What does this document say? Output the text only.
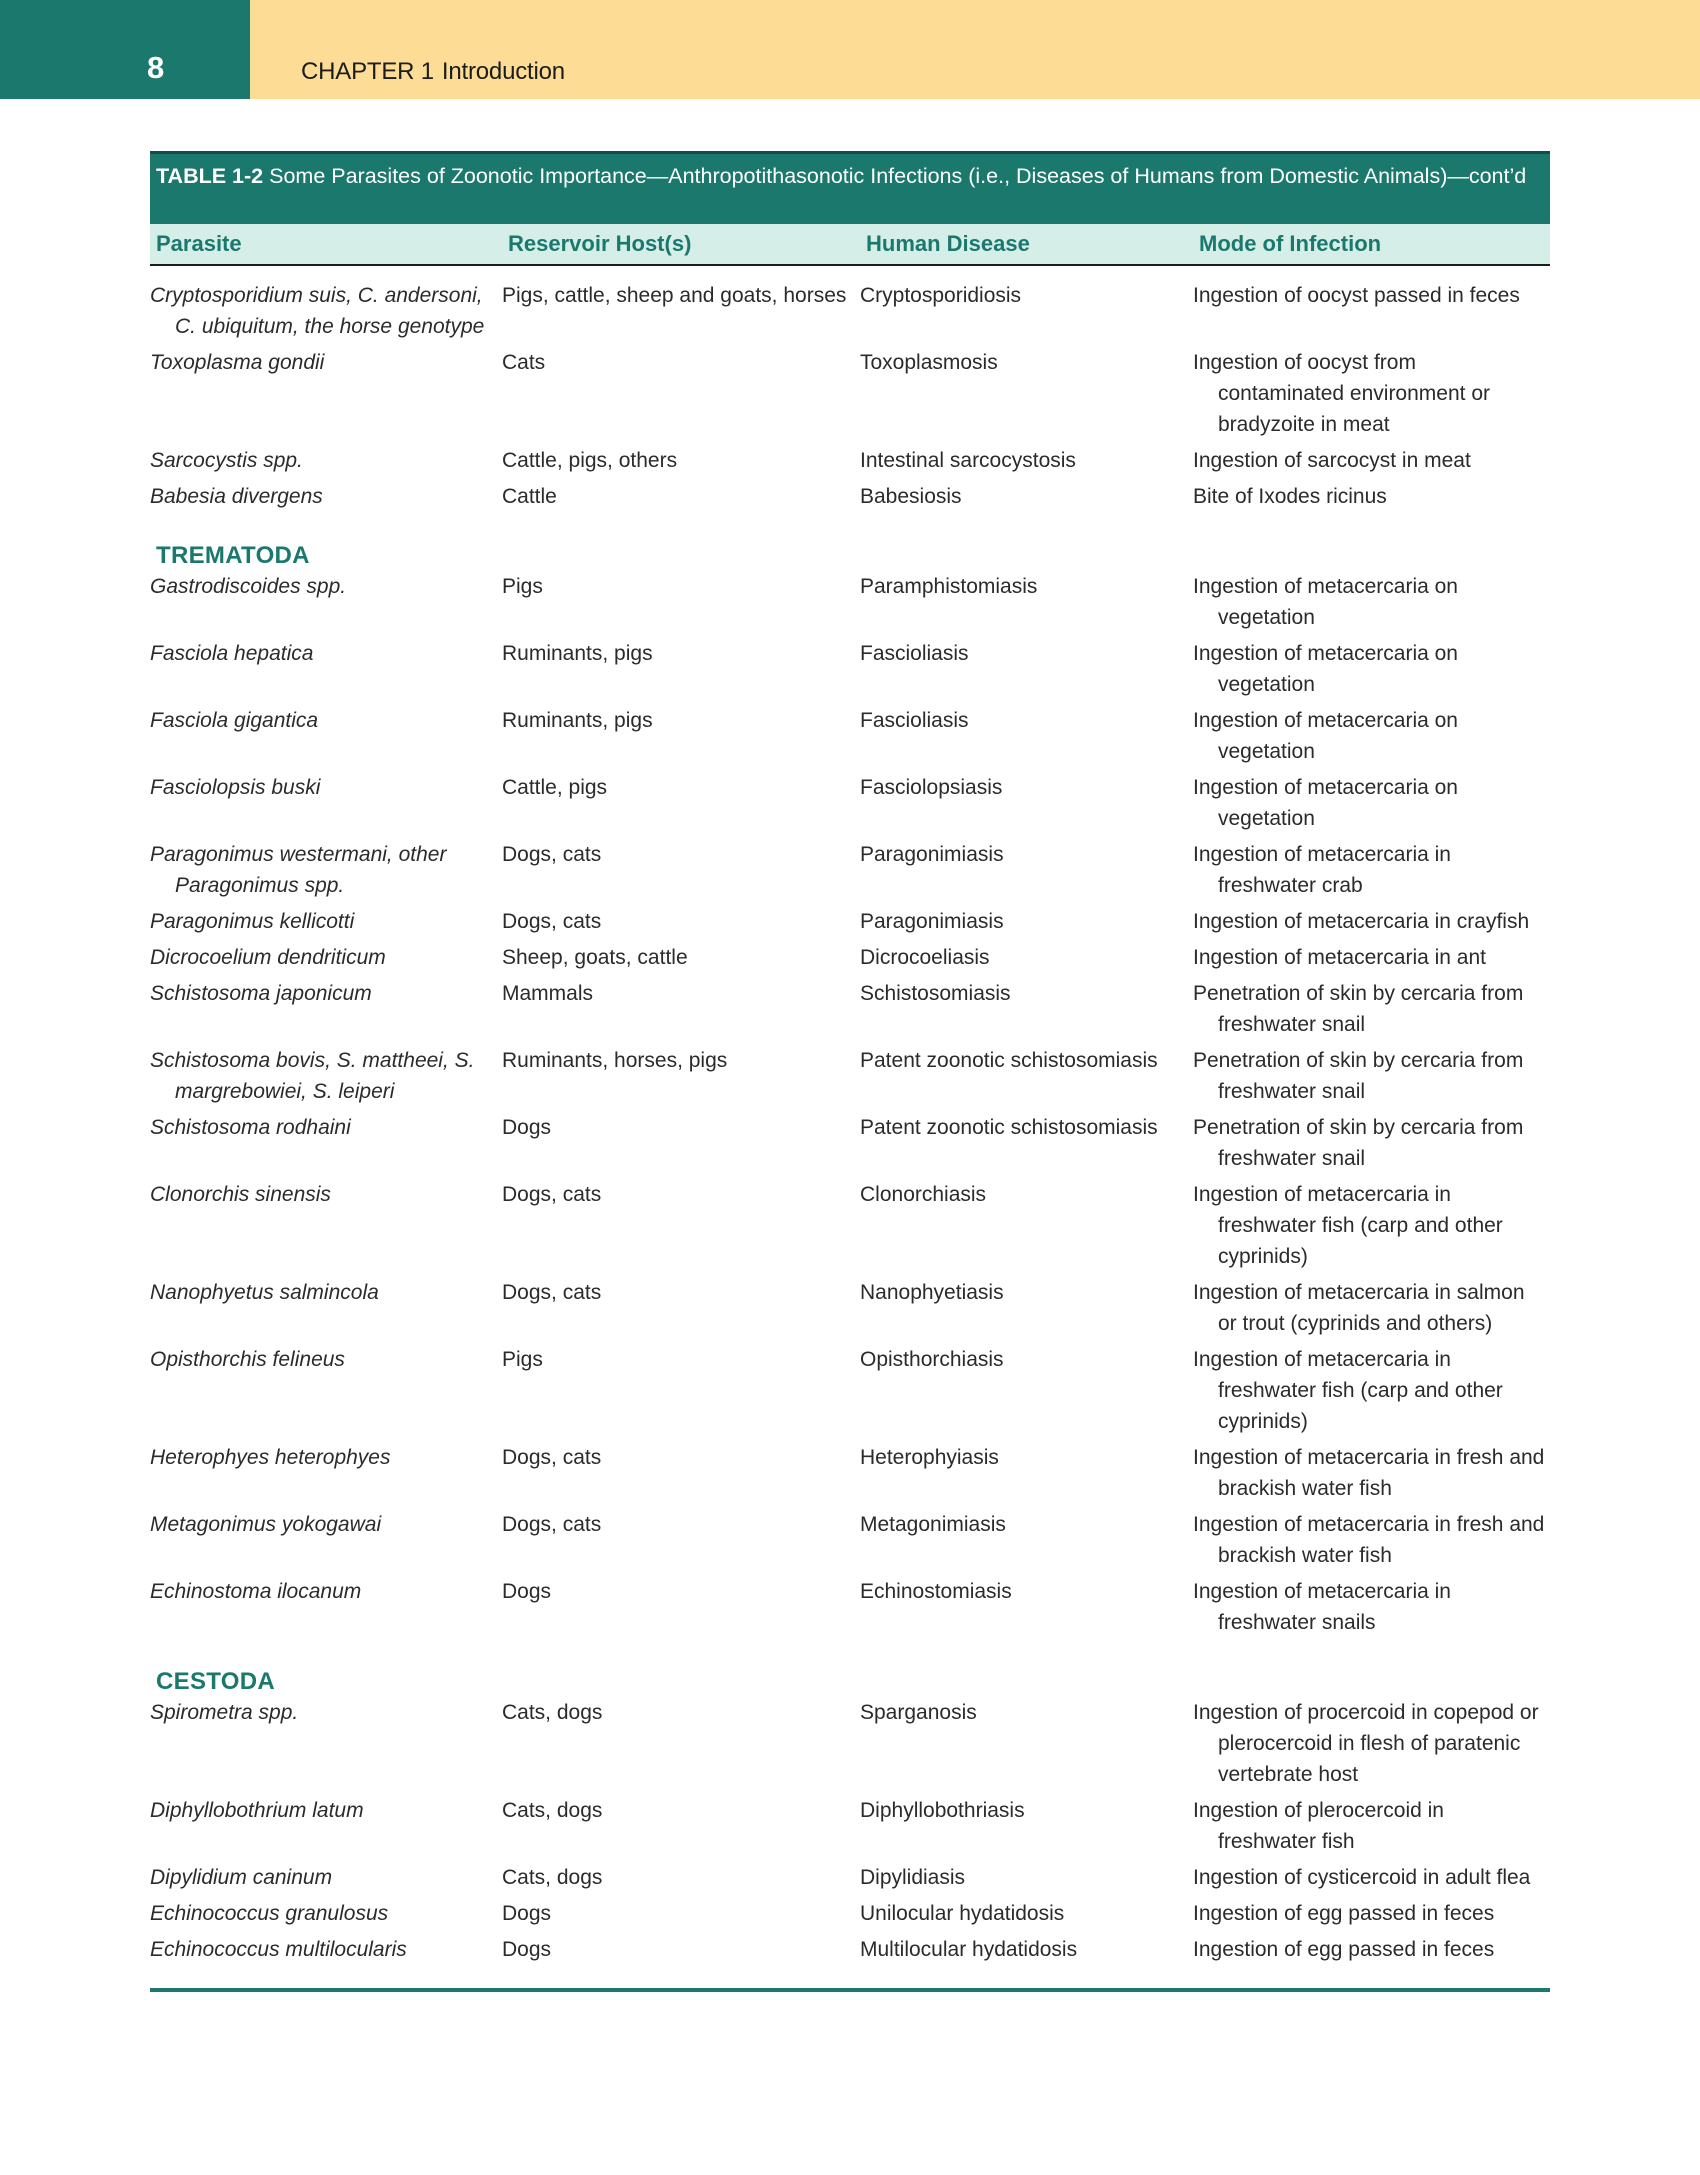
8	CHAPTER 1 Introduction
TABLE 1-2 Some Parasites of Zoonotic Importance—Anthropotithasonotic Infections (i.e., Diseases of Humans from Domestic Animals)—cont’d
Parasite	Reservoir Host(s)	Human Disease	Mode of Infection
Cryptosporidium suis, C. andersoni, C. ubiquitum, the horse genotype	Pigs, cattle, sheep and goats, horses	Cryptosporidiosis	Ingestion of oocyst passed in feces
Toxoplasma gondii	Cats	Toxoplasmosis	Ingestion of oocyst from contaminated environment or bradyzoite in meat
Sarcocystis spp.	Cattle, pigs, others	Intestinal sarcocystosis	Ingestion of sarcocyst in meat
Babesia divergens	Cattle	Babesiosis	Bite of Ixodes ricinus
TREMATODA			
Gastrodiscoides spp.	Pigs	Paramphistomiasis	Ingestion of metacercaria on vegetation
Fasciola hepatica	Ruminants, pigs	Fascioliasis	Ingestion of metacercaria on vegetation
Fasciola gigantica	Ruminants, pigs	Fascioliasis	Ingestion of metacercaria on vegetation
Fasciolopsis buski	Cattle, pigs	Fasciolopsiasis	Ingestion of metacercaria on vegetation
Paragonimus westermani, other Paragonimus spp.	Dogs, cats	Paragonimiasis	Ingestion of metacercaria in freshwater crab
Paragonimus kellicotti	Dogs, cats	Paragonimiasis	Ingestion of metacercaria in crayfish
Dicrocoelium dendriticum	Sheep, goats, cattle	Dicrocoeliasis	Ingestion of metacercaria in ant
Schistosoma japonicum	Mammals	Schistosomiasis	Penetration of skin by cercaria from freshwater snail
Schistosoma bovis, S. mattheei, S. margrebowiei, S. leiperi	Ruminants, horses, pigs	Patent zoonotic schistosomiasis	Penetration of skin by cercaria from freshwater snail
Schistosoma rodhaini	Dogs	Patent zoonotic schistosomiasis	Penetration of skin by cercaria from freshwater snail
Clonorchis sinensis	Dogs, cats	Clonorchiasis	Ingestion of metacercaria in freshwater fish (carp and other cyprinids)
Nanophyetus salmincola	Dogs, cats	Nanophyetiasis	Ingestion of metacercaria in salmon or trout (cyprinids and others)
Opisthorchis felineus	Pigs	Opisthorchiasis	Ingestion of metacercaria in freshwater fish (carp and other cyprinids)
Heterophyes heterophyes	Dogs, cats	Heterophyiasis	Ingestion of metacercaria in fresh and brackish water fish
Metagonimus yokogawai	Dogs, cats	Metagonimiasis	Ingestion of metacercaria in fresh and brackish water fish
Echinostoma ilocanum	Dogs	Echinostomiasis	Ingestion of metacercaria in freshwater snails
CESTODA			
Spirometra spp.	Cats, dogs	Sparganosis	Ingestion of procercoid in copepod or plerocercoid in flesh of paratenic vertebrate host
Diphyllobothrium latum	Cats, dogs	Diphyllobothriasis	Ingestion of plerocercoid in freshwater fish
Dipylidium caninum	Cats, dogs	Dipylidiasis	Ingestion of cysticercoid in adult flea
Echinococcus granulosus	Dogs	Unilocular hydatidosis	Ingestion of egg passed in feces
Echinococcus multilocularis	Dogs	Multilocular hydatidosis	Ingestion of egg passed in feces
